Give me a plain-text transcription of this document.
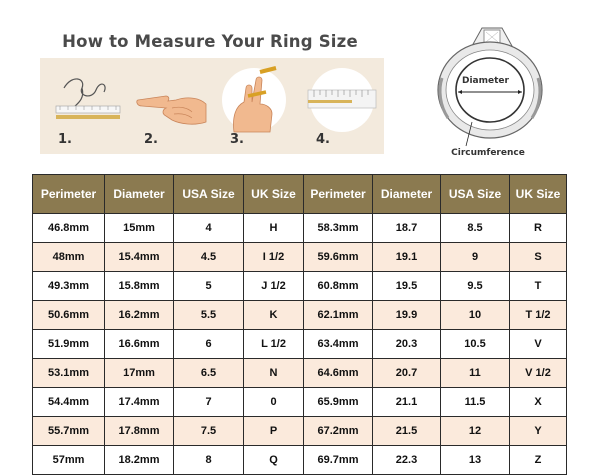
How to Measure Your Ring Size
1.	2.	3.	4.
Diameter
Circumference
Perimeter	Diameter	USA Size	UK Size	Perimeter	Diameter	USA Size	UK Size
46.8mm	15mm	4	H	58.3mm	18.7	8.5	R
48mm	15.4mm	4.5	I 1/2	59.6mm	19.1	9	S
49.3mm	15.8mm	5	J 1/2	60.8mm	19.5	9.5	T
50.6mm	16.2mm	5.5	K	62.1mm	19.9	10	T 1/2
51.9mm	16.6mm	6	L 1/2	63.4mm	20.3	10.5	V
53.1mm	17mm	6.5	N	64.6mm	20.7	11	V 1/2
54.4mm	17.4mm	7	0	65.9mm	21.1	11.5	X
55.7mm	17.8mm	7.5	P	67.2mm	21.5	12	Y
57mm	18.2mm	8	Q	69.7mm	22.3	13	Z
